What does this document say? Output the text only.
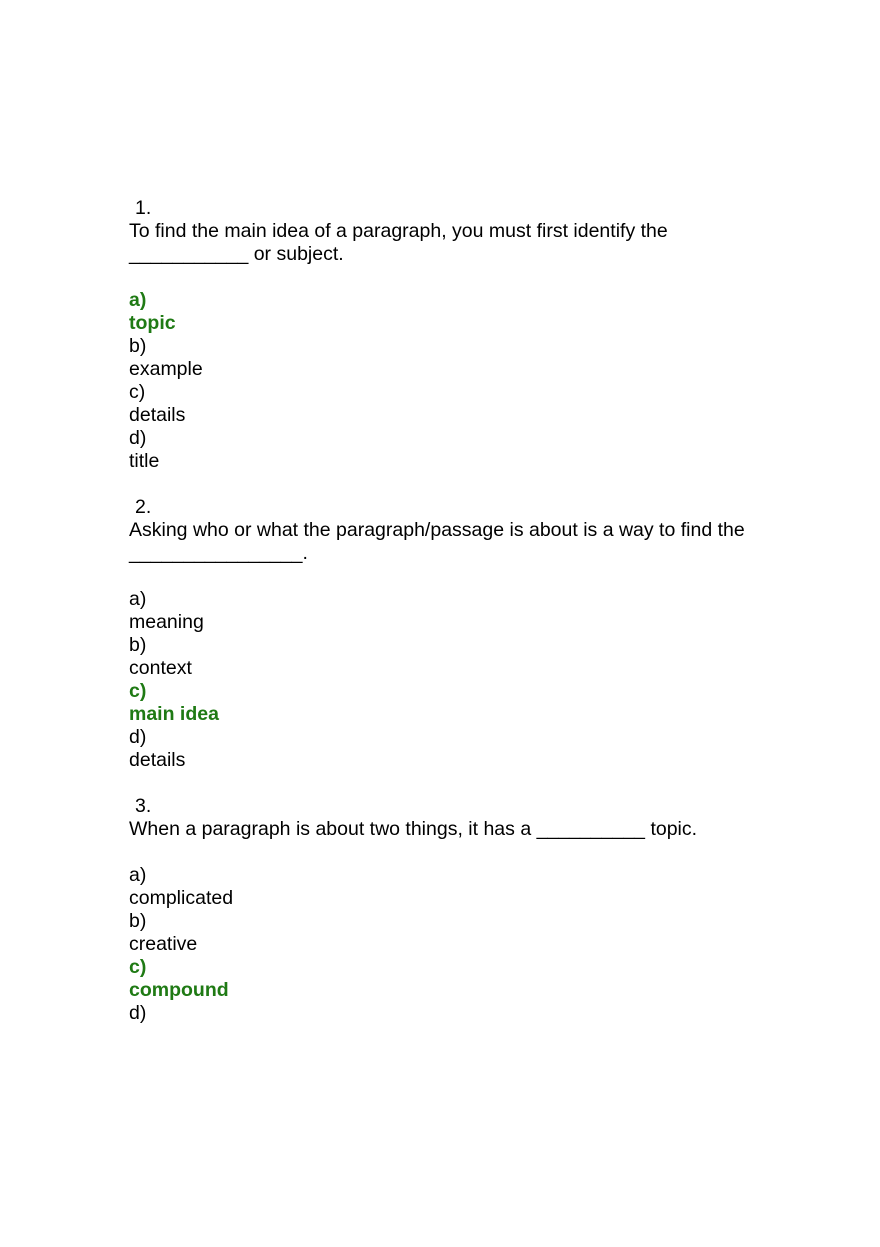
1.
To find the main idea of a paragraph, you must first identify the ___________ or subject.
a)
topic
b)
example
c)
details
d)
title
2.
Asking who or what the paragraph/passage is about is a way to find the ________________.
a)
meaning
b)
context
c)
main idea
d)
details
3.
When a paragraph is about two things, it has a __________ topic.
a)
complicated
b)
creative
c)
compound
d)
